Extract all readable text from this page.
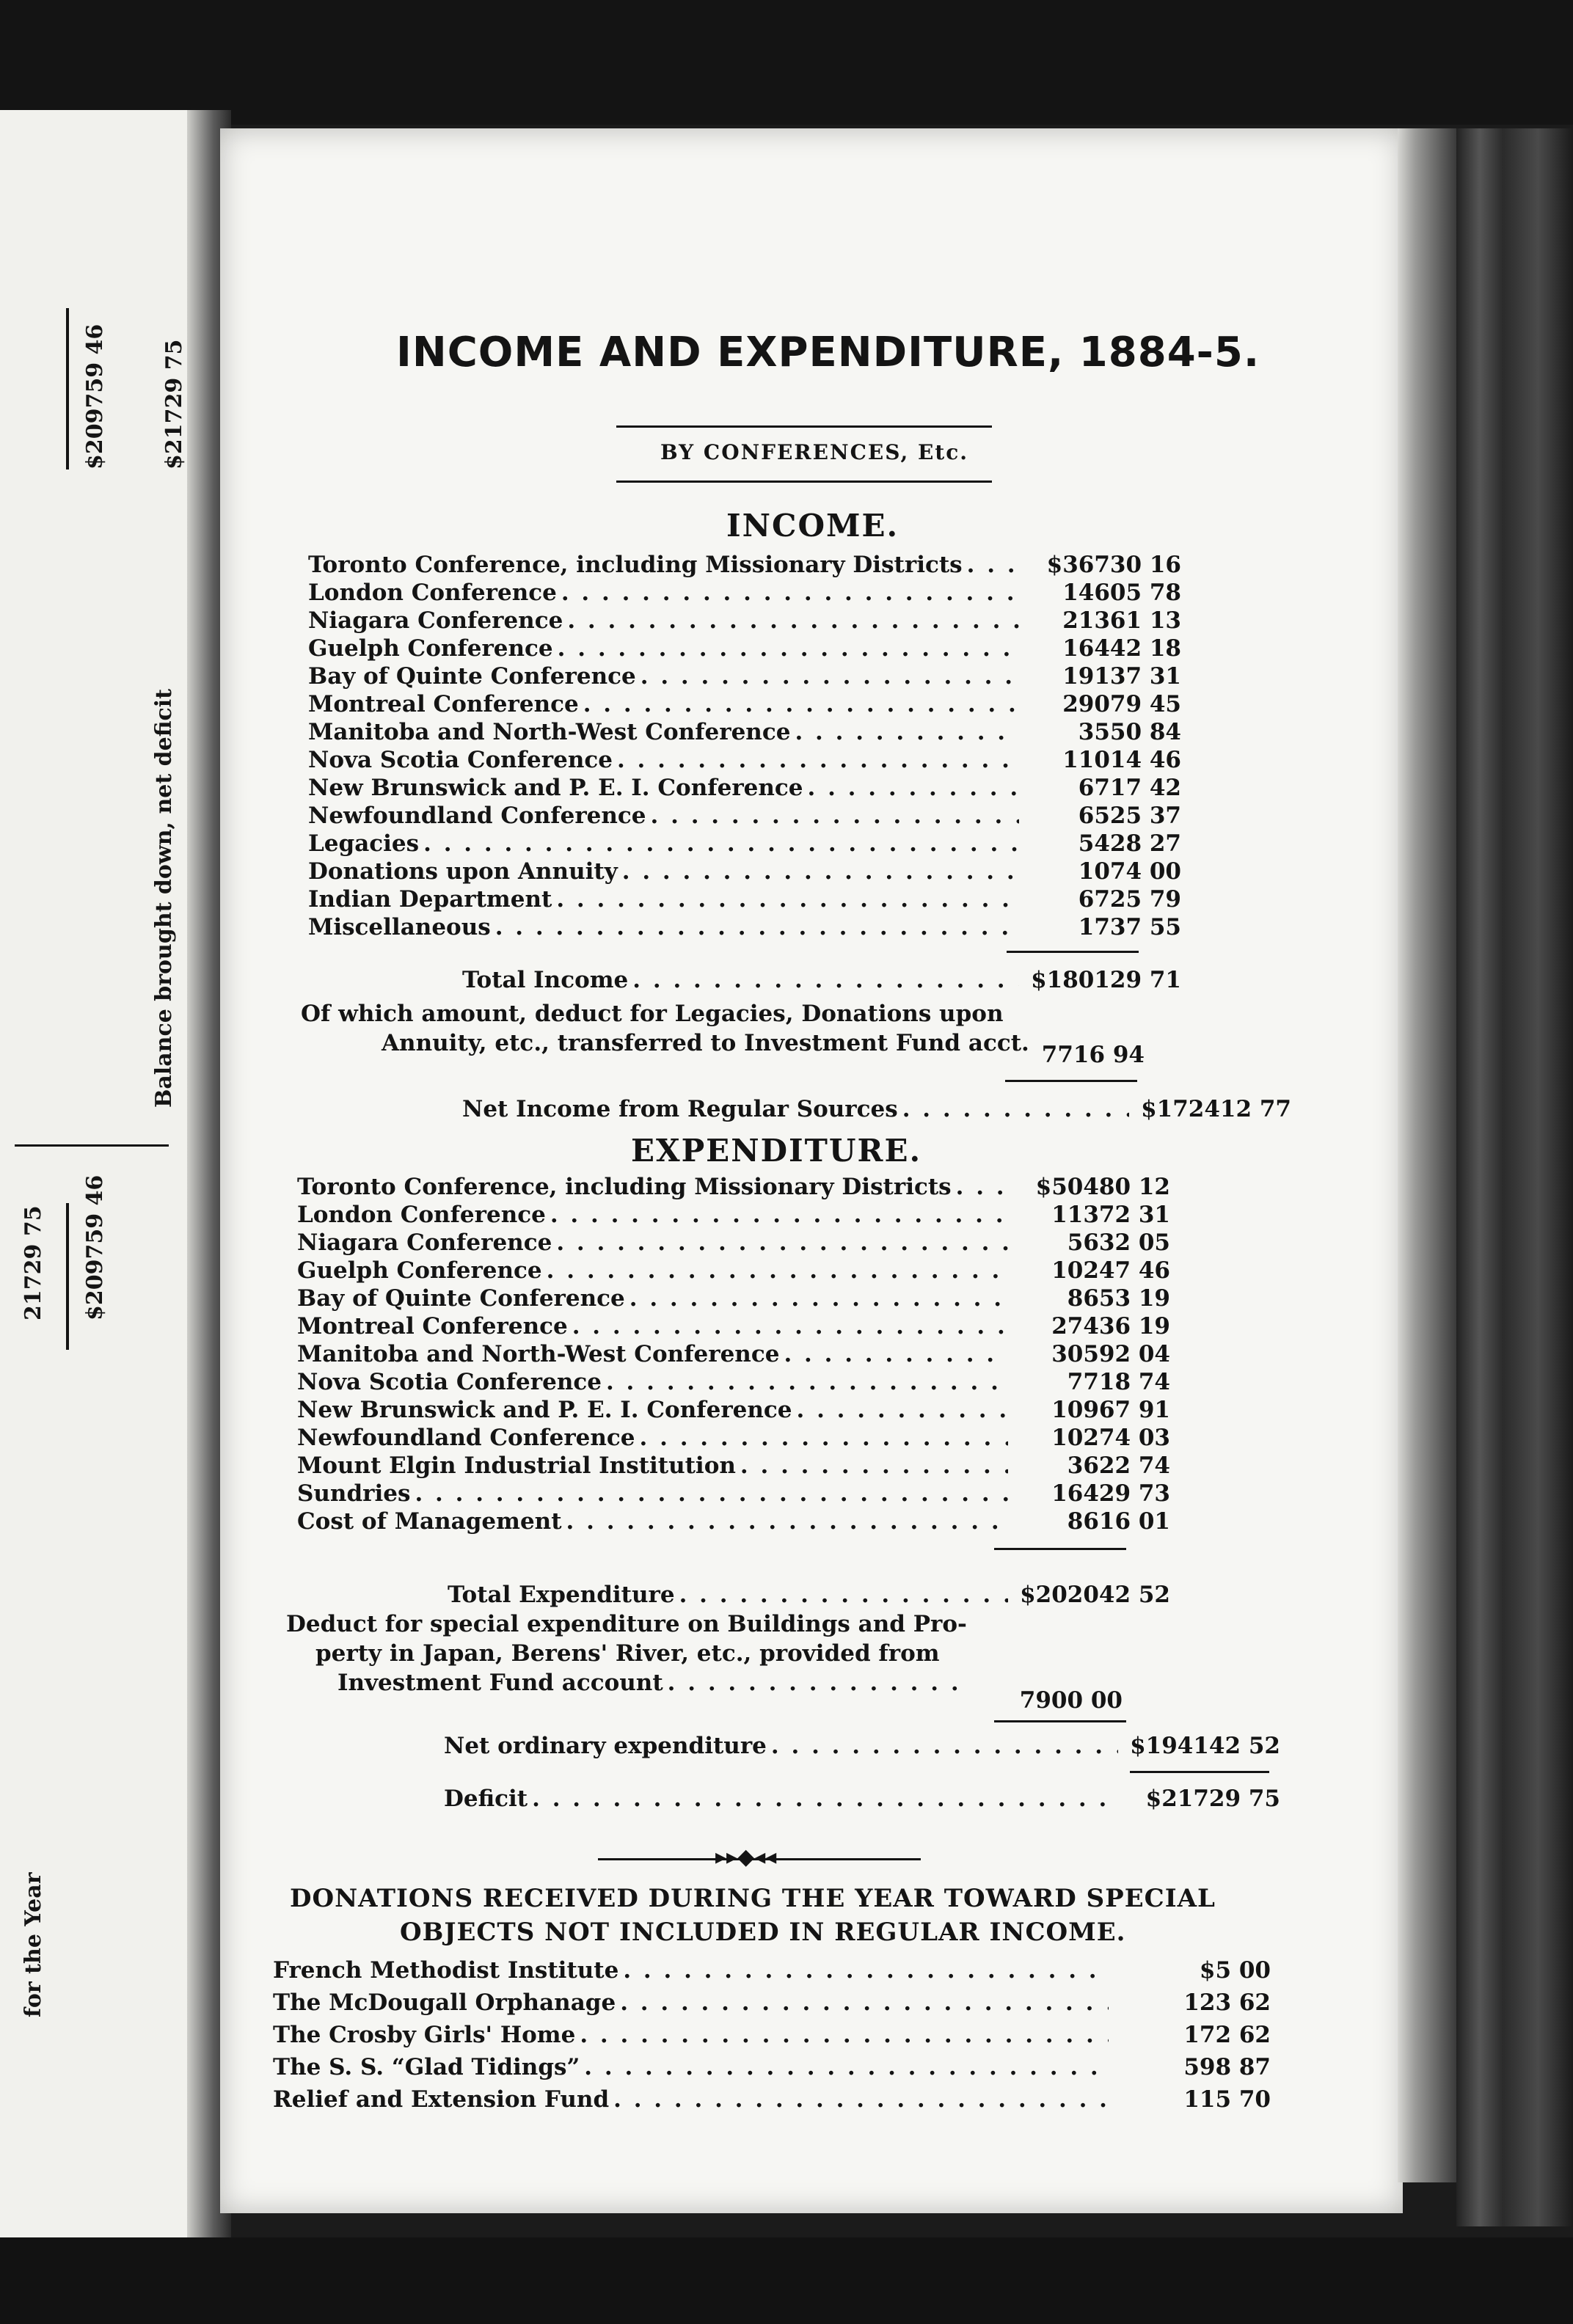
$209759 46 $21729 75
Balance brought down, net deficit
21729 75 $209759 46
for the Year
INCOME AND EXPENDITURE, 1884-5.
BY CONFERENCES, Etc.
INCOME.
Toronto Conference, including Missionary Districts . . .	$36730 16
London Conference . . .	14605 78
Niagara Conference . . .	21361 13
Guelph Conference . . .	16442 18
Bay of Quinte Conference . . .	19137 31
Montreal Conference . . .	29079 45
Manitoba and North-West Conference . . .	3550 84
Nova Scotia Conference . . .	11014 46
New Brunswick and P. E. I. Conference . . .	6717 42
Newfoundland Conference . . .	6525 37
Legacies . . .	5428 27
Donations upon Annuity . . .	1074 00
Indian Department . . .	6725 79
Miscellaneous . . .	1737 55
Total Income . . .	$180129 71
Of which amount, deduct for Legacies, Donations upon
Annuity, etc., transferred to Investment Fund acct. 7716 94
Net Income from Regular Sources . . .	$172412 77
EXPENDITURE.
Toronto Conference, including Missionary Districts . . .	$50480 12
London Conference . . .	11372 31
Niagara Conference . . .	5632 05
Guelph Conference . . .	10247 46
Bay of Quinte Conference . . .	8653 19
Montreal Conference . . .	27436 19
Manitoba and North-West Conference . . .	30592 04
Nova Scotia Conference . . .	7718 74
New Brunswick and P. E. I. Conference . . .	10967 91
Newfoundland Conference . . .	10274 03
Mount Elgin Industrial Institution . . .	3622 74
Sundries . . .	16429 73
Cost of Management . . .	8616 01
Total Expenditure . . .	$202042 52
Deduct for special expenditure on Buildings and Pro-
perty in Japan, Berens' River, etc., provided from
Investment Fund account
. . .
7900 00
Net ordinary expenditure . . .	$194142 52
Deficit . . .	$21729 75
▸▸◆◂◂
DONATIONS RECEIVED DURING THE YEAR TOWARD SPECIAL
OBJECTS NOT INCLUDED IN REGULAR INCOME.
French Methodist Institute . . .	$5 00
The McDougall Orphanage . . .	123 62
The Crosby Girls' Home . . .	172 62
The S. S. “Glad Tidings” . . .	598 87
Relief and Extension Fund . . .	115 70
